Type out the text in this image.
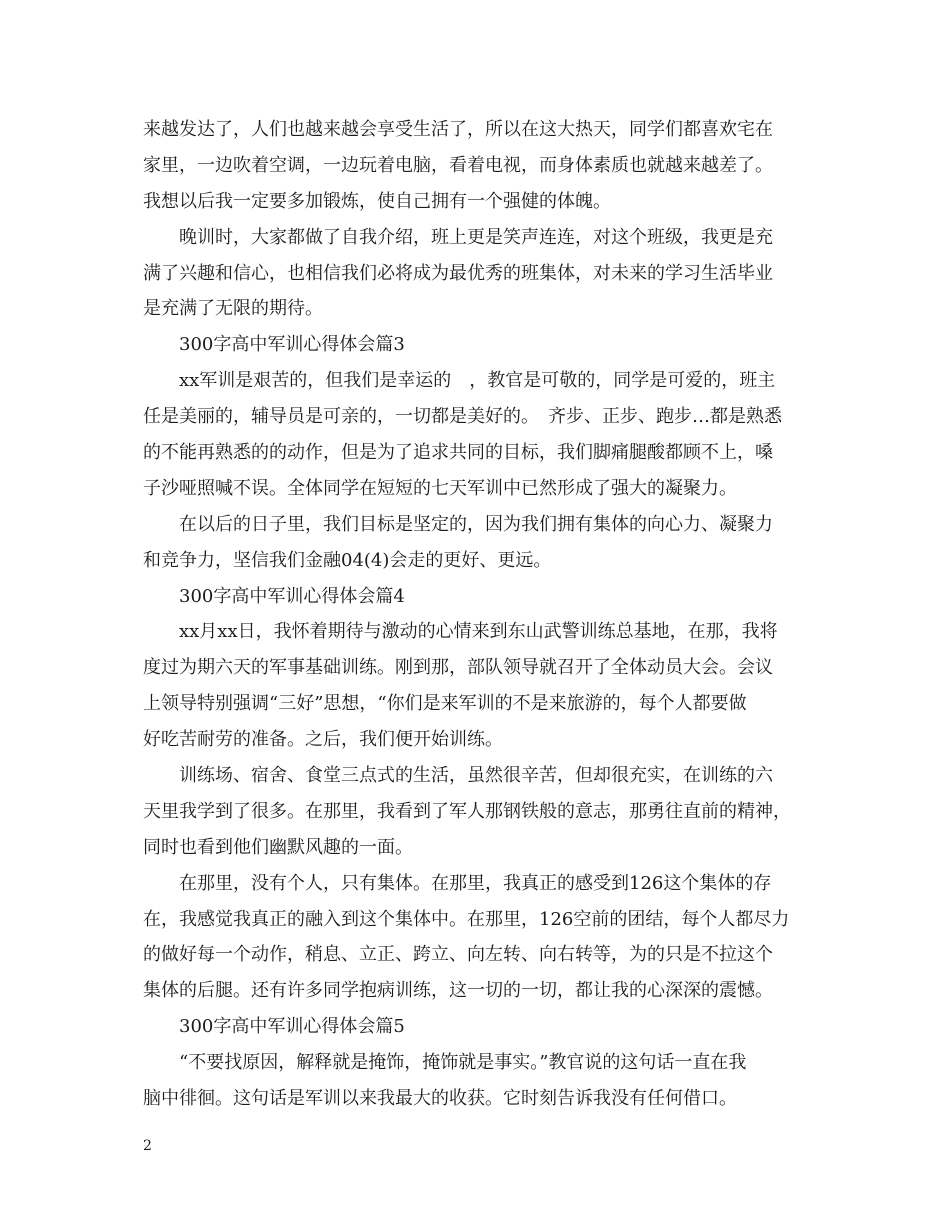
来越发达了，人们也越来越会享受生活了，所以在这大热天，同学们都喜欢宅在
家里，一边吹着空调，一边玩着电脑，看着电视，而身体素质也就越来越差了。
我想以后我一定要多加锻炼，使自己拥有一个强健的体魄。
晚训时，大家都做了自我介绍，班上更是笑声连连，对这个班级，我更是充
满了兴趣和信心，也相信我们必将成为最优秀的班集体，对未来的学习生活毕业
是充满了无限的期待。
300字高中军训心得体会篇3
xx军训是艰苦的，但我们是幸运的　，教官是可敬的，同学是可爱的，班主
任是美丽的，辅导员是可亲的，一切都是美好的。　齐步、正步、跑步…都是熟悉
的不能再熟悉的的动作，但是为了追求共同的目标，我们脚痛腿酸都顾不上，嗓
子沙哑照喊不误。全体同学在短短的七天军训中已然形成了强大的凝聚力。
在以后的日子里，我们目标是坚定的，因为我们拥有集体的向心力、凝聚力
和竞争力，坚信我们金融04(4)会走的更好、更远。
300字高中军训心得体会篇4
xx月xx日，我怀着期待与激动的心情来到东山武警训练总基地，在那，我将
度过为期六天的军事基础训练。刚到那，部队领导就召开了全体动员大会。会议
上领导特别强调“三好”思想，“你们是来军训的不是来旅游的，每个人都要做
好吃苦耐劳的准备。之后，我们便开始训练。
训练场、宿舍、食堂三点式的生活，虽然很辛苦，但却很充实，在训练的六
天里我学到了很多。在那里，我看到了军人那钢铁般的意志，那勇往直前的精神，
同时也看到他们幽默风趣的一面。
在那里，没有个人，只有集体。在那里，我真正的感受到126这个集体的存
在，我感觉我真正的融入到这个集体中。在那里，126空前的团结，每个人都尽力
的做好每一个动作，稍息、立正、跨立、向左转、向右转等，为的只是不拉这个
集体的后腿。还有许多同学抱病训练，这一切的一切，都让我的心深深的震憾。
300字高中军训心得体会篇5
“不要找原因，解释就是掩饰，掩饰就是事实。”教官说的这句话一直在我
脑中徘徊。这句话是军训以来我最大的收获。它时刻告诉我没有任何借口。
2
